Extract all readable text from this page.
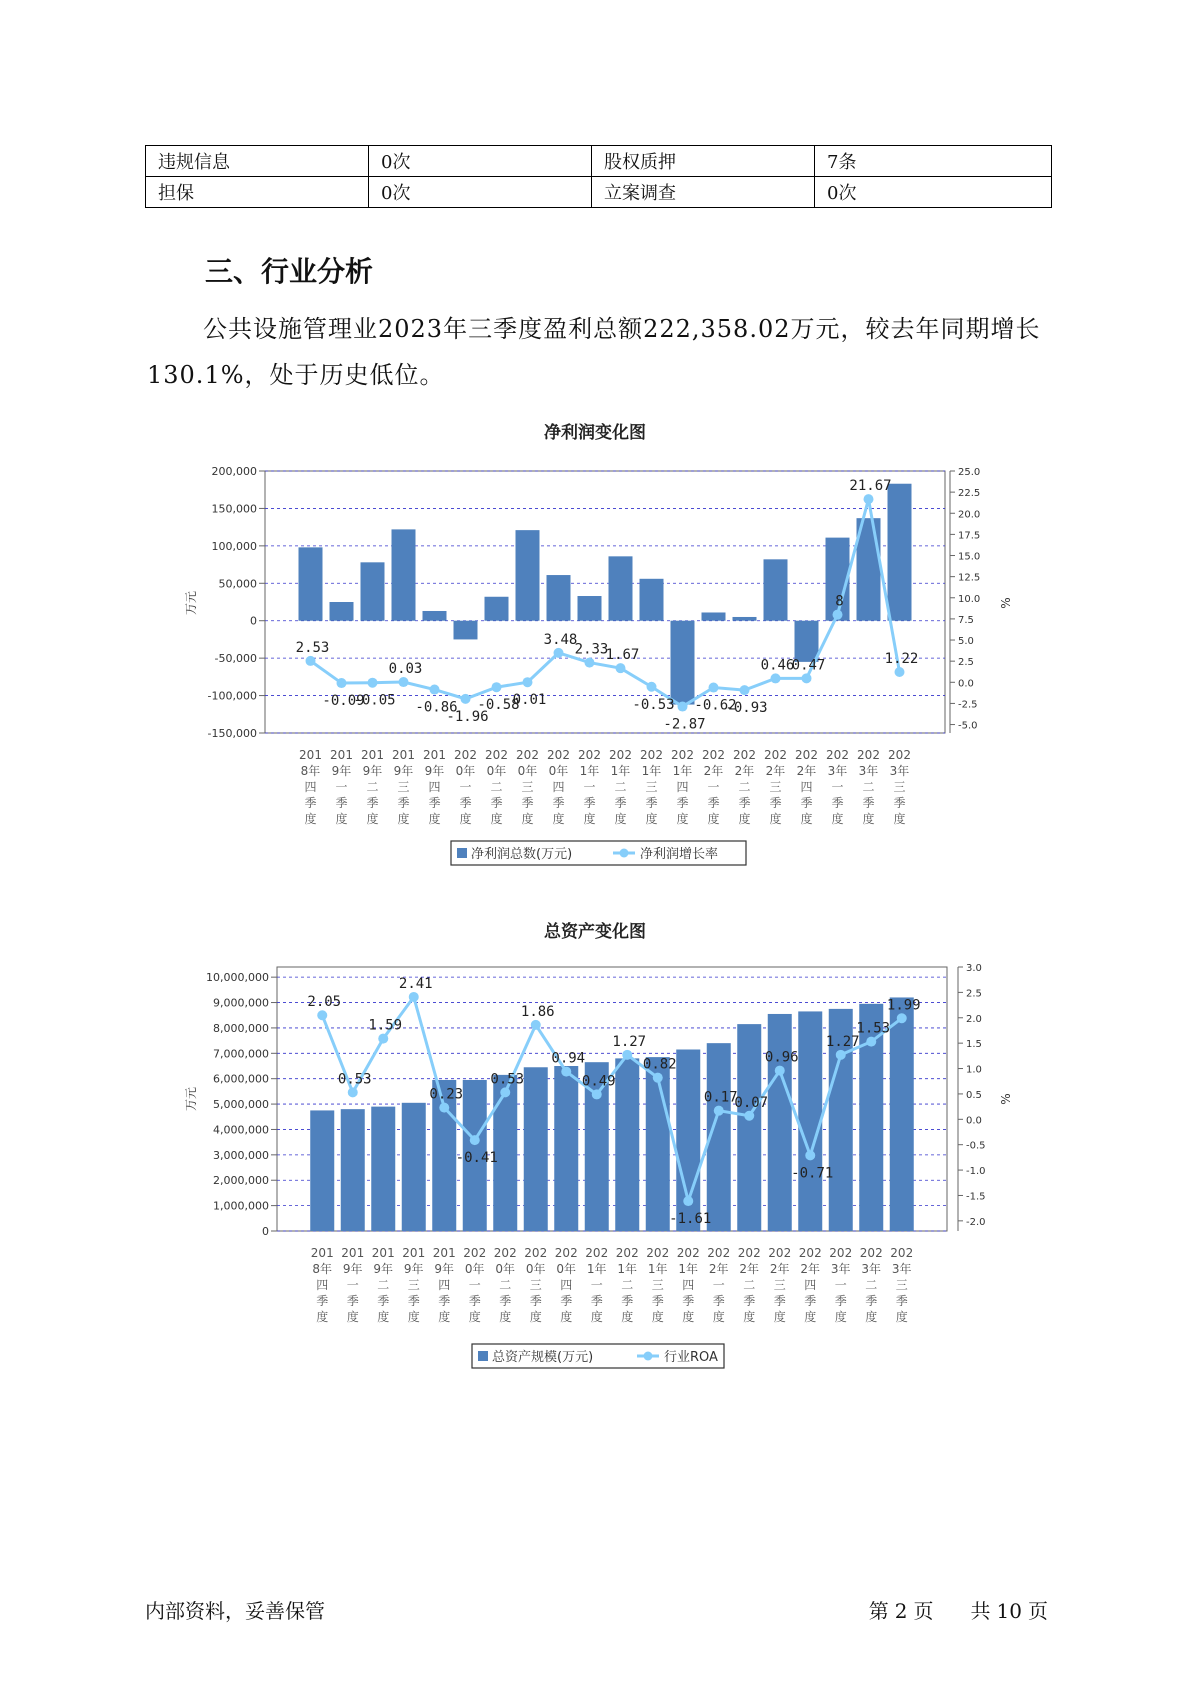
违规信息	0次	股权质押	7条
担保	0次	立案调查	0次
三、行业分析

公共设施管理业2023年三季度盈利总额222,358.02万元，较去年同期增长130.1%，处于历史低位。

净利润变化图
-150,000
-100,000
-50,000
0
50,000
100,000
150,000
200,000
-5.0
-2.5
0.0
2.5
5.0
7.5
10.0
12.5
15.0
17.5
20.0
22.5
25.0
万元	%
201
8年
四
季
度
201
9年
一
季
度
201
9年
二
季
度
201
9年
三
季
度
201
9年
四
季
度
202
0年
一
季
度
202
0年
二
季
度
202
0年
三
季
度
202
0年
四
季
度
202
1年
一
季
度
202
1年
二
季
度
202
1年
三
季
度
202
1年
四
季
度
202
2年
一
季
度
202
2年
二
季
度
202
2年
三
季
度
202
2年
四
季
度
202
3年
一
季
度
202
3年
二
季
度
202
3年
三
季
度
2.53
-0.09
-0.05
0.03
-0.86
-1.96
-0.58
0.01
3.48
2.33
1.67
-0.53
-2.87
-0.62
-0.93
0.46
0.47
8
21.67
1.22
净利润总数(万元)	净利润增长率
总资产变化图
0
1,000,000
2,000,000
3,000,000
4,000,000
5,000,000
6,000,000
7,000,000
8,000,000
9,000,000
10,000,000
-2.0
-1.5
-1.0
-0.5
0.0
0.5
1.0
1.5
2.0
2.5
3.0
万元	%
201
8年
四
季
度
201
9年
一
季
度
201
9年
二
季
度
201
9年
三
季
度
201
9年
四
季
度
202
0年
一
季
度
202
0年
二
季
度
202
0年
三
季
度
202
0年
四
季
度
202
1年
一
季
度
202
1年
二
季
度
202
1年
三
季
度
202
1年
四
季
度
202
2年
一
季
度
202
2年
二
季
度
202
2年
三
季
度
202
2年
四
季
度
202
3年
一
季
度
202
3年
二
季
度
202
3年
三
季
度
2.05
0.53
1.59
2.41
0.23
-0.41
0.53
1.86
0.94
0.49
1.27
0.82
-1.61
0.17
0.07
0.96
-0.71
1.27
1.53
1.99
总资产规模(万元)	行业ROA
内部资料，妥善保管	第 2 页 共 10 页
